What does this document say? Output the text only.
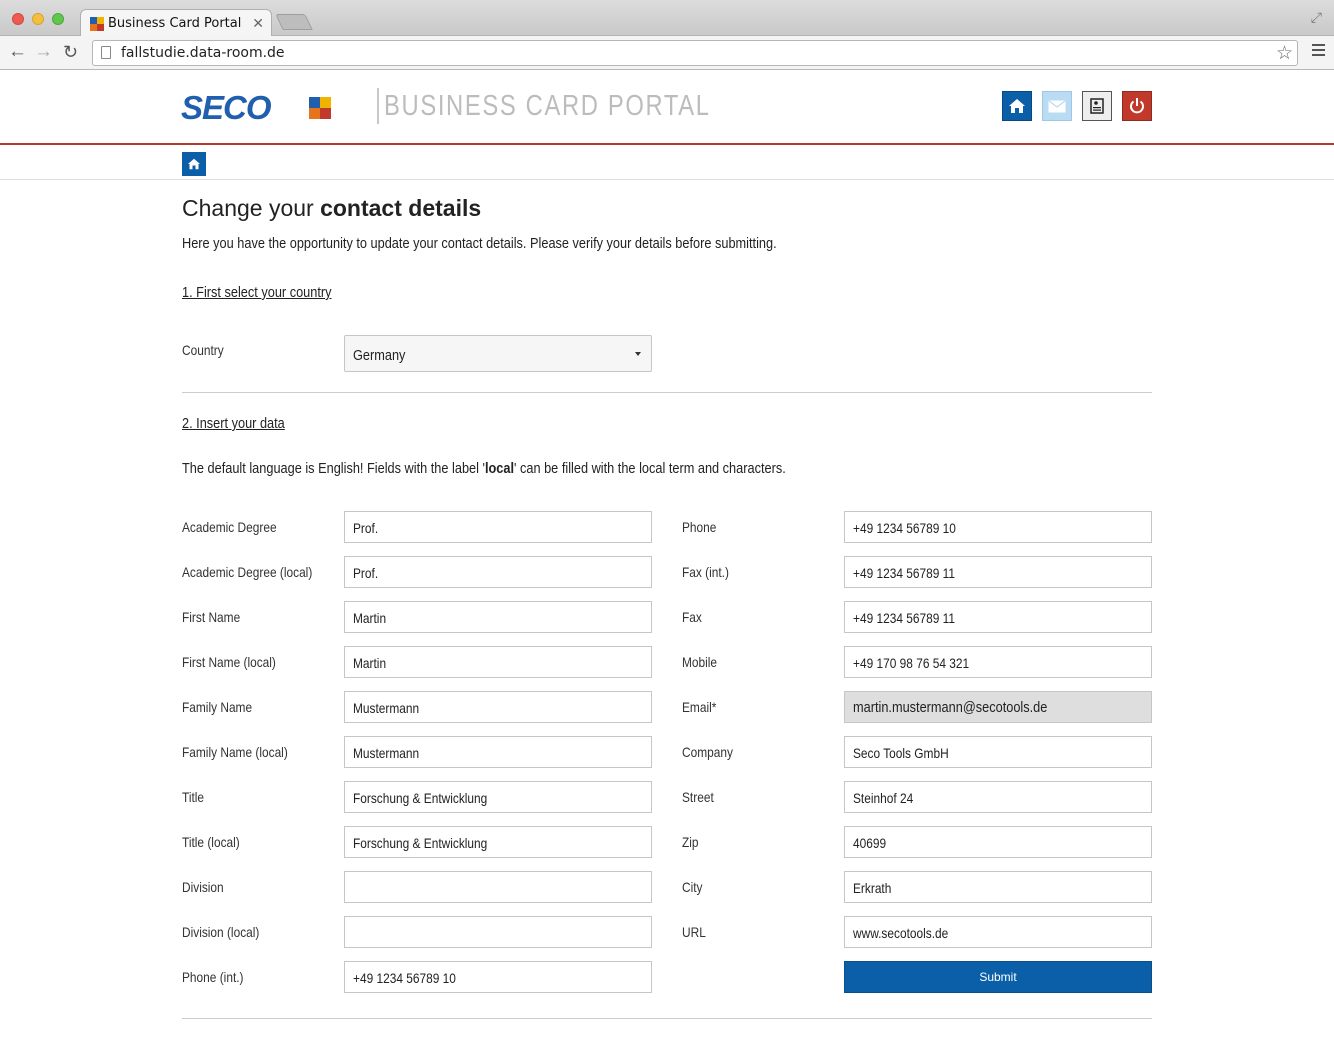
Business Card Portal ✕	⤢
← → ↻	fallstudie.data-room.de	☆
SECO	BUSINESS CARD PORTAL
Change your contact details
Here you have the opportunity to update your contact details. Please verify your details before submitting.
1. First select your country
Country	Germany
2. Insert your data
The default language is English! Fields with the label 'local' can be filled with the local term and characters.
Academic Degree	Prof.
Academic Degree (local)	Prof.
First Name	Martin
First Name (local)	Martin
Family Name	Mustermann
Family Name (local)	Mustermann
Title	Forschung & Entwicklung
Title (local)	Forschung & Entwicklung
Division
Division (local)
Phone (int.)	+49 1234 56789 10
Phone	+49 1234 56789 10
Fax (int.)	+49 1234 56789 11
Fax	+49 1234 56789 11
Mobile	+49 170 98 76 54 321
Email*	martin.mustermann@secotools.de
Company	Seco Tools GmbH
Street	Steinhof 24
Zip	40699
City	Erkrath
URL	www.secotools.de
Submit
